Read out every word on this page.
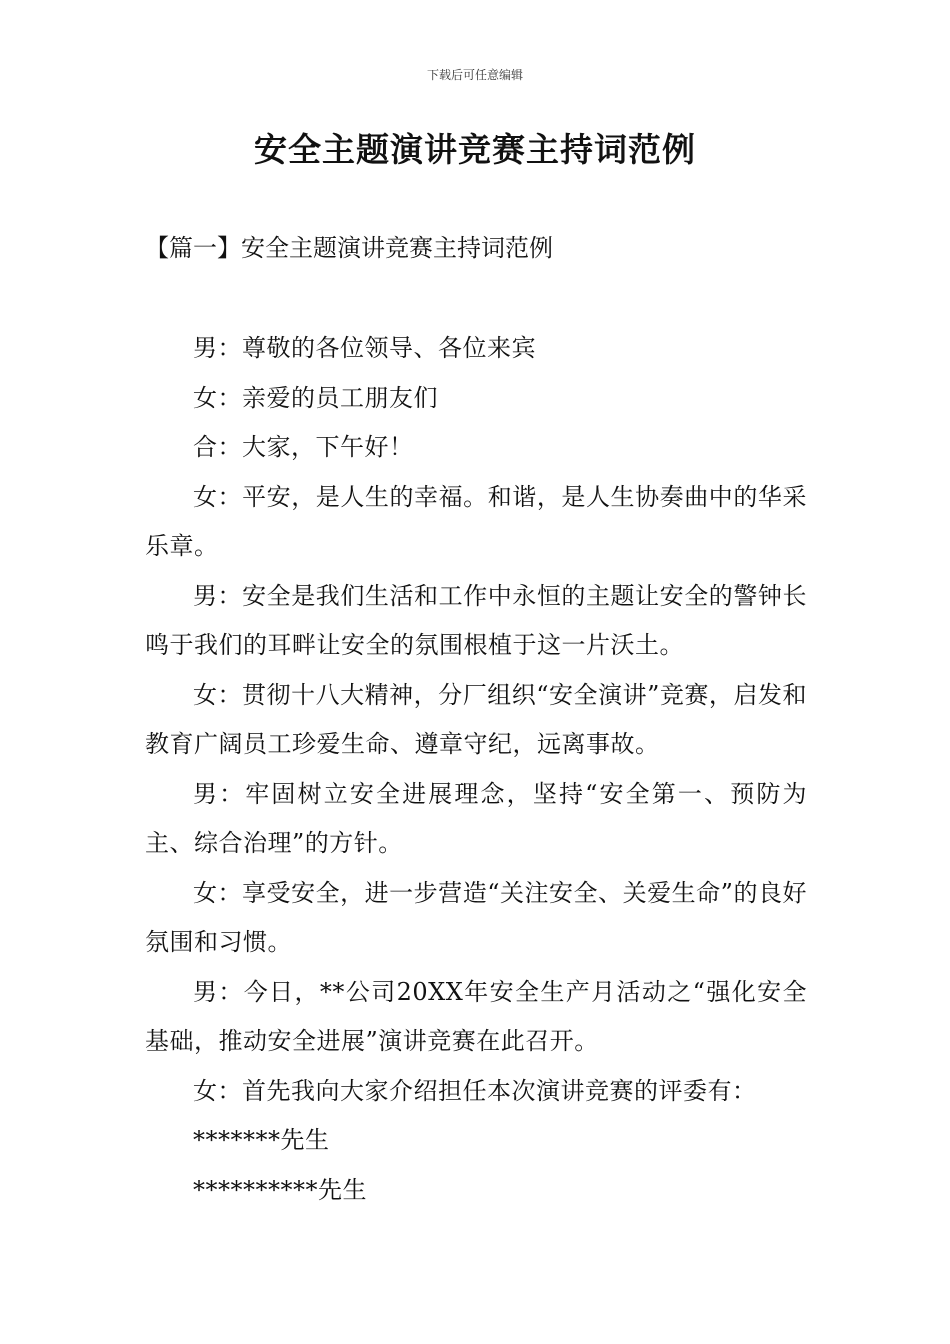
下载后可任意编辑
安全主题演讲竞赛主持词范例
【篇一】安全主题演讲竞赛主持词范例

男：尊敬的各位领导、各位来宾

女：亲爱的员工朋友们

合：大家，下午好！

女：平安，是人生的幸福。和谐，是人生协奏曲中的华采乐章。

男：安全是我们生活和工作中永恒的主题让安全的警钟长鸣于我们的耳畔让安全的氛围根植于这一片沃土。

女：贯彻十八大精神，分厂组织“安全演讲”竞赛，启发和教育广阔员工珍爱生命、遵章守纪，远离事故。

男：牢固树立安全进展理念，坚持“安全第一、预防为主、综合治理”的方针。

女：享受安全，进一步营造“关注安全、关爱生命”的良好氛围和习惯。

男：今日，**公司20XX年安全生产月活动之“强化安全基础，推动安全进展”演讲竞赛在此召开。

女：首先我向大家介绍担任本次演讲竞赛的评委有：

*******先生

**********先生
